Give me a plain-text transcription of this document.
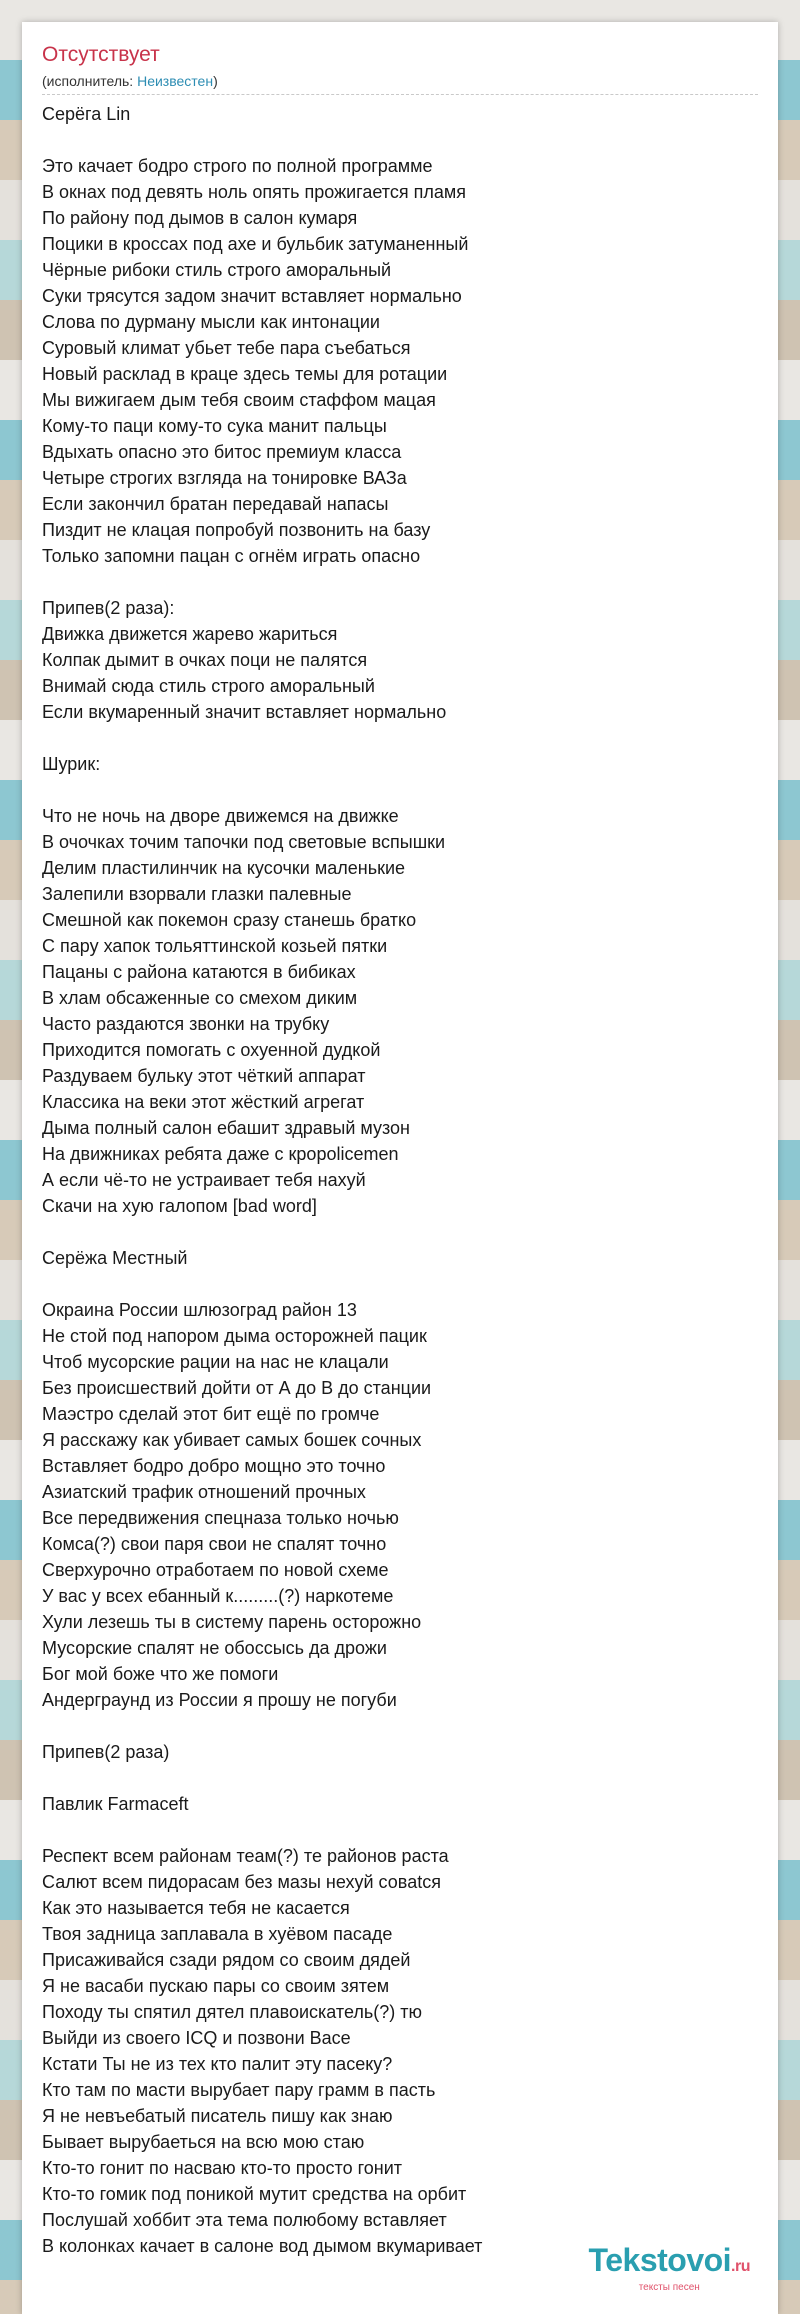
Отсутствует
(исполнитель: Неизвестен)
Серёга Lin
Это качает бодро строго по полной программе
В окнах под девять ноль опять прожигается пламя
По району под дымов в салон кумаря
Поцики в кроссах под ахе и бульбик затуманенный
Чёрные рибоки стиль строго аморальный
Суки трясутся задом значит вставляет нормально
Слова по дурману мысли как интонации
Суровый климат убьет тебе пара съебаться
Новый расклад в краце здесь темы для ротации
Мы вижигаем дым тебя своим стаффом мацая
Кому-то паци кому-то сука манит пальцы
Вдыхать опасно это битос премиум класса
Четыре строгих взгляда на тонировке ВАЗа
Если закончил братан передавай напасы
Пиздит не клацая попробуй позвонить на базу
Только запомни пацан с огнём играть опасно
Припев(2 раза):
Движка движется жарево жариться
Колпак дымит в очках поци не палятся
Внимай сюда стиль строго аморальный
Если вкумаренный значит вставляет нормально
Шурик:
Что не ночь на дворе движемся на движке
В очочках точим тапочки под световые вспышки
Делим пластилинчик на кусочки маленькие
Залепили взорвали глазки палевные
Смешной как покемон сразу станешь братко
С пару хапок тольяттинской козьей пятки
Пацаны с района катаются в бибиках
В хлам обсаженные со смехом диким
Часто раздаются звонки на трубку
Приходится помогать с охуенной дудкой
Раздуваем бульку этот чёткий аппарат
Классика на веки этот жёсткий агрегат
Дыма полный салон ебашит здравый музон
На движниках ребята даже с кроpolicemen
А если чё-то не устраивает тебя нахуй
Скачи на хую галопом [bad word]
Серёжа Местный
Окраина России шлюзоград район 13
Не стой под напором дыма осторожней пацик
Чтоб мусорские рации на нас не клацали
Без происшествий дойти от А до В до станции
Маэстро сделай этот бит ещё по громче
Я расскажу как убивает самых бошек сочных
Вставляет бодро добро мощно это точно
Азиатский трафик отношений прочных
Все передвижения спецназа только ночью
Комса(?) свои паря свои не спалят точно
Сверхурочно отработаем по новой схеме
У вас у всех ебанный к.........(?) наркотеме
Хули лезешь ты в систему парень осторожно
Мусорские спалят не обоссысь да дрожи
Бог мой боже что же помоги
Андерграунд из России я прошу не погуби
Припев(2 раза)
Павлик Farmaceft
Респект всем районам теам(?) те районов раста
Салют всем пидорасам без мазы нехуй совatся
Как это называется тебя не касается
Твоя задница заплавала в хуёвом пасаде
Присаживайся сзади рядом со своим дядей
Я не васаби пускаю пары со своим зятем
Походу ты спятил дятел плавоискатель(?) тю
Выйди из своего ICQ и позвони Васе
Кстати Ты не из тех кто палит эту пасеку?
Кто там по масти вырубает пару грамм в пасть
Я не невъебатый писатель пишу как знаю
Бывает вырубаеться на всю мою стаю
Кто-то гонит по насваю кто-то просто гонит
Кто-то гомик под поникой мутит средства на орбит
Послушай хоббит эта тема полюбому вставляет
В колонках качает в салоне вод дымом вкумаривает	Tekstovoi.ru
тексты песен
